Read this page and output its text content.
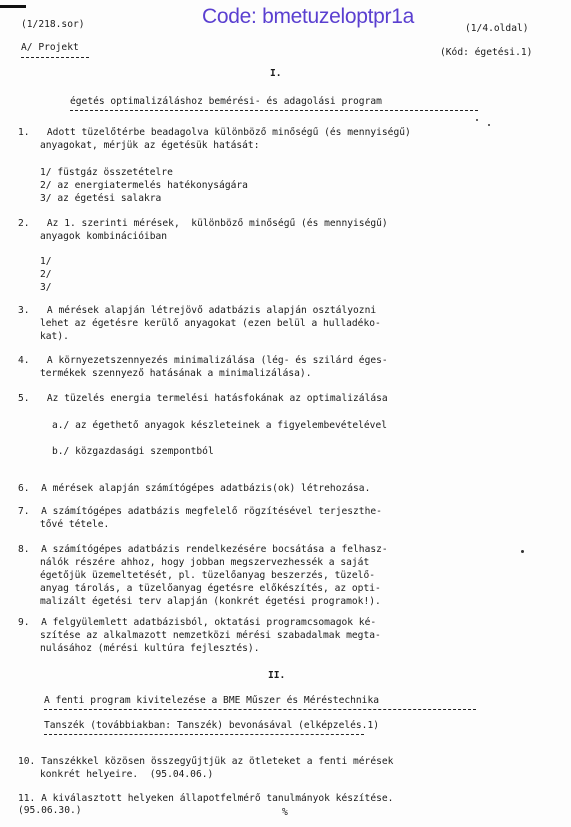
(1/218.sor)	Code: bmetuzeloptpr1a
(1/4.oldal)
A/ Projekt	(Kód: égetési.1)
I.
égetés optimalizáláshoz bemérési- és adagolási program
1. Adott tüzelőtérbe beadagolva különböző minőségű (és mennyiségű)
anyagokat, mérjük az égetésük hatását:
1/ füstgáz összetételre
2/ az energiatermelés hatékonyságára
3/ az égetési salakra
2. Az 1. szerinti mérések,  különböző minőségű (és mennyiségű)
anyagok kombinációiban
1/
2/
3/
3. A mérések alapján létrejövő adatbázis alapján osztályozni
lehet az égetésre kerülő anyagokat (ezen belül a hulladéko-
kat).
4. A környezetszennyezés minimalizálása (lég- és szilárd éges-
termékek szennyező hatásának a minimalizálása).
5. Az tüzelés energia termelési hatásfokának az optimalizálása
a./ az égethető anyagok készleteinek a figyelembevételével
b./ közgazdasági szempontból
6. A mérések alapján számítógépes adatbázis(ok) létrehozása.
7. A számítógépes adatbázis megfelelő rögzítésével terjeszthe-
tővé tétele.
8. A számítógépes adatbázis rendelkezésére bocsátása a felhasz-
nálók részére ahhoz, hogy jobban megszervezhessék a saját
égetőjük üzemeltetését, pl. tüzelőanyag beszerzés, tüzelő-
anyag tárolás, a tüzelőanyag égetésre előkészítés, az opti-
malizált égetési terv alapján (konkrét égetési programok!).
9. A felgyülemlett adatbázisból, oktatási programcsomagok ké-
szítése az alkalmazott nemzetközi mérési szabadalmak megta-
nulásához (mérési kultúra fejlesztés).
II.
A fenti program kivitelezése a BME Műszer és Méréstechnika
Tanszék (továbbiakban: Tanszék) bevonásával (elképzelés.1)
10. Tanszékkel közösen összegyűjtjük az ötleteket a fenti mérések
konkrét helyeire.  (95.04.06.)
11. A kiválasztott helyeken állapotfelmérő tanulmányok készítése.
(95.06.30.)	%
